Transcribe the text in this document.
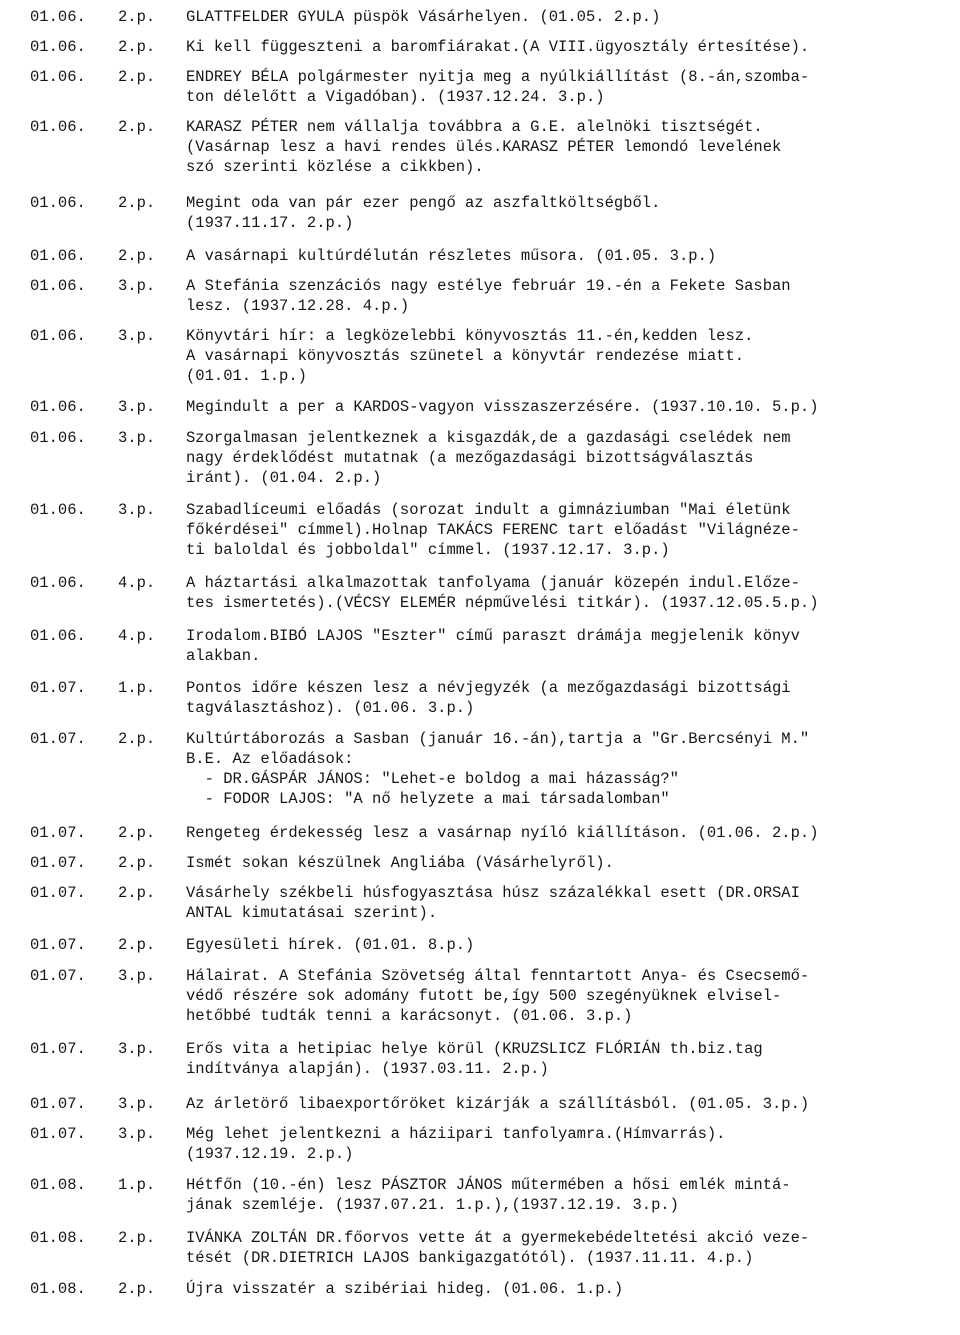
01.06. 2.p. GLATTFELDER GYULA püspök Vásárhelyen. (01.05. 2.p.)
01.06. 2.p. Ki kell függeszteni a baromfiárakat.(A VIII.ügyosztály értesítése).
01.06. 2.p. ENDREY BÉLA polgármester nyitja meg a nyúlkiállítást (8.-án,szomba-
ton délelőtt a Vigadóban). (1937.12.24. 3.p.)
01.06. 2.p. KARASZ PÉTER nem vállalja továbbra a G.E. alelnöki tisztségét.
(Vasárnap lesz a havi rendes ülés.KARASZ PÉTER lemondó levelének
szó szerinti közlése a cikkben).
01.06. 2.p. Megint oda van pár ezer pengő az aszfaltköltségből.
(1937.11.17. 2.p.)
01.06. 2.p. A vasárnapi kultúrdélután részletes műsora. (01.05. 3.p.)
01.06. 3.p. A Stefánia szenzációs nagy estélye február 19.-én a Fekete Sasban
lesz. (1937.12.28. 4.p.)
01.06. 3.p. Könyvtári hír: a legközelebbi könyvosztás 11.-én,kedden lesz.
A vasárnapi könyvosztás szünetel a könyvtár rendezése miatt.
(01.01. 1.p.)
01.06. 3.p. Megindult a per a KARDOS-vagyon visszaszerzésére. (1937.10.10. 5.p.)
01.06. 3.p. Szorgalmasan jelentkeznek a kisgazdák,de a gazdasági cselédek nem
nagy érdeklődést mutatnak (a mezőgazdasági bizottságválasztás
iránt). (01.04. 2.p.)
01.06. 3.p. Szabadlíceumi előadás (sorozat indult a gimnáziumban "Mai életünk
főkérdései" címmel).Holnap TAKÁCS FERENC tart előadást "Világnéze-
ti baloldal és jobboldal" címmel. (1937.12.17. 3.p.)
01.06. 4.p. A háztartási alkalmazottak tanfolyama (január közepén indul.Előze-
tes ismertetés).(VÉCSY ELEMÉR népművelési titkár). (1937.12.05.5.p.)
01.06. 4.p. Irodalom.BIBÓ LAJOS "Eszter" című paraszt drámája megjelenik könyv
alakban.
01.07. 1.p. Pontos időre készen lesz a névjegyzék (a mezőgazdasági bizottsági
tagválasztáshoz). (01.06. 3.p.)
01.07. 2.p. Kultúrtáborozás a Sasban (január 16.-án),tartja a "Gr.Bercsényi M."
B.E. Az előadások:
- DR.GÁSPÁR JÁNOS: "Lehet-e boldog a mai házasság?"
- FODOR LAJOS: "A nő helyzete a mai társadalomban"
01.07. 2.p. Rengeteg érdekesség lesz a vasárnap nyíló kiállításon. (01.06. 2.p.)
01.07. 2.p. Ismét sokan készülnek Angliába (Vásárhelyről).
01.07. 2.p. Vásárhely székbeli húsfogyasztása húsz százalékkal esett (DR.ORSAI
ANTAL kimutatásai szerint).
01.07. 2.p. Egyesületi hírek. (01.01. 8.p.)
01.07. 3.p. Hálairat. A Stefánia Szövetség által fenntartott Anya- és Csecsemő-
védő részére sok adomány futott be,így 500 szegényüknek elvisel-
hetőbbé tudták tenni a karácsonyt. (01.06. 3.p.)
01.07. 3.p. Erős vita a hetipiac helye körül (KRUZSLICZ FLÓRIÁN th.biz.tag
indítványa alapján). (1937.03.11. 2.p.)
01.07. 3.p. Az árletörő libaexportőröket kizárják a szállításból. (01.05. 3.p.)
01.07. 3.p. Még lehet jelentkezni a háziipari tanfolyamra.(Hímvarrás).
(1937.12.19. 2.p.)
01.08. 1.p. Hétfőn (10.-én) lesz PÁSZTOR JÁNOS műtermében a hősi emlék mintá-
jának szemléje. (1937.07.21. 1.p.),(1937.12.19. 3.p.)
01.08. 2.p. IVÁNKA ZOLTÁN DR.főorvos vette át a gyermekebédeltetési akció veze-
tését (DR.DIETRICH LAJOS bankigazgatótól). (1937.11.11. 4.p.)
01.08. 2.p. Újra visszatér a szibériai hideg. (01.06. 1.p.)
